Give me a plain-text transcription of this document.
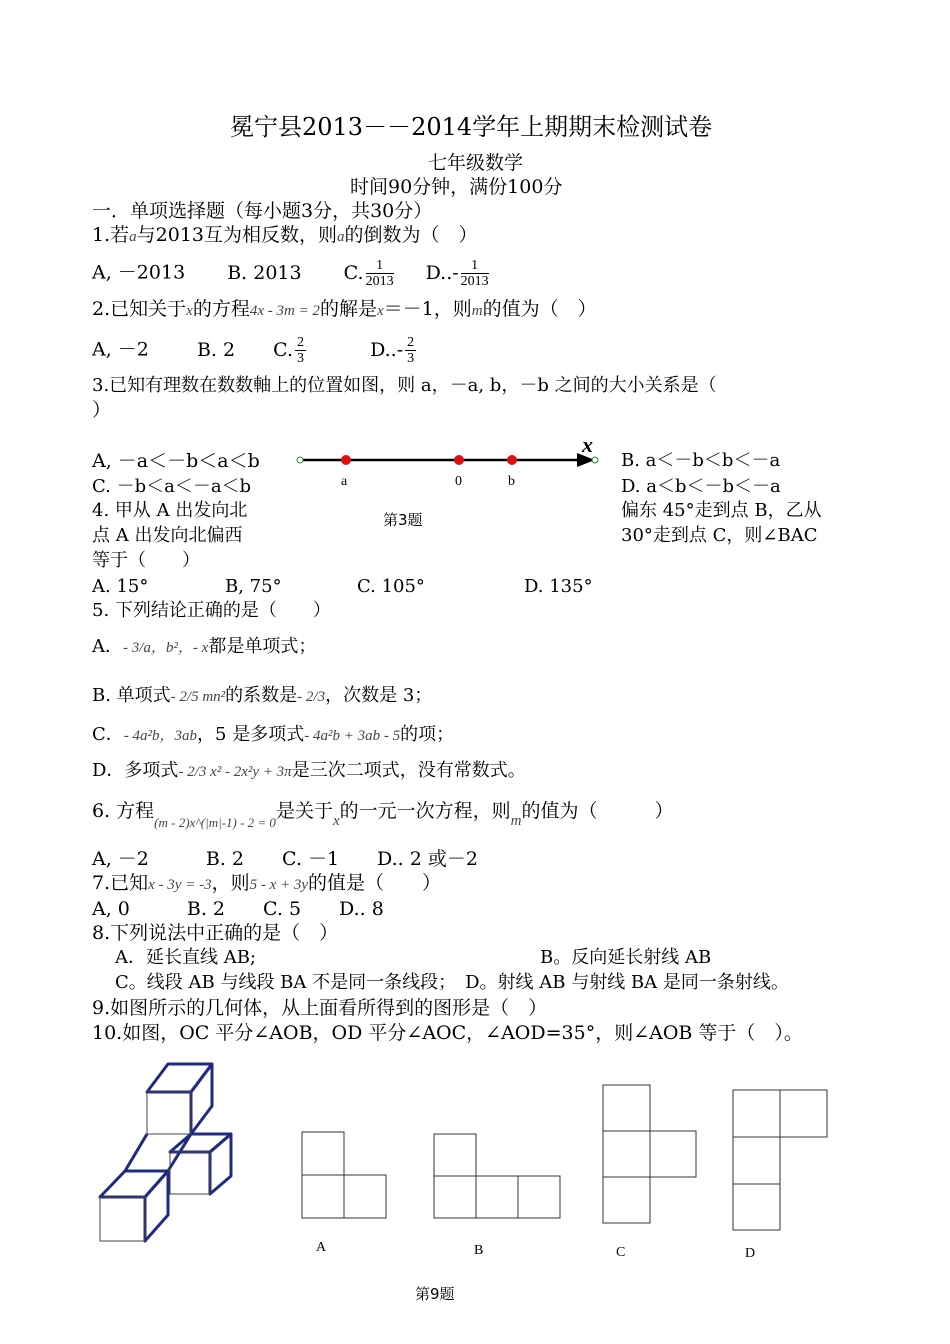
冕宁县2013－－2014学年上期期末检测试卷
七年级数学
时间90分钟，满份100分
一．单项选择题（每小题3分，共30分）
1.若a与2013互为相反数，则a的倒数为（　）
A, －2013 B. 2013 C. $\frac{1}{2013} D..- \frac{1}{2013}$
2.已知关于x的方程4x - 3m = 2的解是x＝－1，则m的值为（　）
A, －2	B. 2 C. $\frac{2}{3}$	$D..- \frac{2}{3}$
3.已知有理数在数数軸上的位置如图，则 a，－a, b，－b 之间的大小关系是（
）
A, －a＜－b＜a＜b	B. a＜－b＜b＜－a
C. －b＜a＜－a＜b	D. a＜b＜－b＜－a
x
a	0	b
第3题
4. 甲从 A 出发向北	偏东 45°走到点 B，乙从
点 A 出发向北偏西	30°走到点 C，则∠BAC
等于（　　）
A. 15°	B, 75°	C. 105°	D. 135°
5. 下列结论正确的是（　　）
A．- 3/a，b²，- x都是单项式；
B. 单项式- 2/5 mn²的系数是- 2/3，次数是 3；
C．- 4a²b，3ab，5 是多项式- 4a²b + 3ab - 5的项；
D．多项式- 2/3 x² - 2x²y + 3π是三次二项式，没有常数式。
6. 方程$_{(m - 2)x\^{}(|m|-1) - 2 = 0}$是关于$_x$的一元一次方程，则$_m$的值为（　　　）
A, －2　　　B. 2　　C. －1　　D.. 2 或－2
7.已知x - 3y = -3，则5 - x + 3y的值是（　　）
A, 0　　　B. 2　　C. 5　　D.. 8
8.下列说法中正确的是（　）
A．延长直线 AB;	B。反向延长射线 AB
C。线段 AB 与线段 BA 不是同一条线段；　D。射线 AB 与射线 BA 是同一条射线。
9.如图所示的几何体，从上面看所得到的图形是（　）
10.如图，OC 平分∠AOB，OD 平分∠AOC，∠AOD=35°，则∠AOB 等于（　）。
A	B	C	D
第9题
